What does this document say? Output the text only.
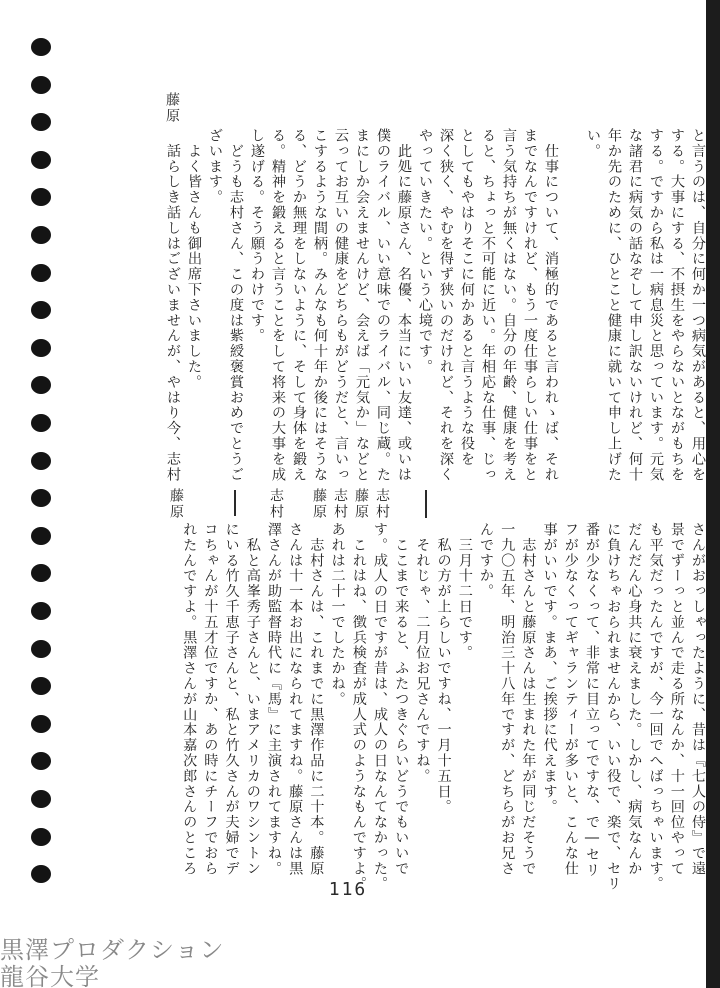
藤原
と言うのは、自分に何か一つ病気があると、用心を
する。大事にする、不摂生をやらないとながもちを
する。ですから私は一病息災と思っています。元気
な諸君に病気の話なぞして申し訳ないけれど、何十
年か先のために、ひとこと健康に就いて申し上げた
い。
　仕事について、消極的であると言われゝば、それ
までなんですけれど、もう一度仕事らしい仕事をと
言う気持ちが無くはない。自分の年齢、健康を考え
ると、ちょっと不可能に近い。年相応な仕事、じっ
としてもやはりそこに何かあると言うような役を
深く狭く、やむを得ず狭いのだけれど、それを深く
やっていきたい。という心境です。
　此処に藤原さん、名優、本当にいい友達、或いは
僕のライバル、いい意味でのライバル、同じ蔵。た
まにしか会えませんけど、会えば「元気か」などと
云ってお互いの健康をどちらもがどうだと、言いっ
こするような間柄。みんなも何十年か後にはそうな
る、どうか無理をしないように、そして身体を鍛え
る。精神を鍛えると言うことをして将来の大事を成
し遂げる。そう願うわけです。
　どうも志村さん、この度は紫綬褒賞おめでとうご
ざいます。
　よく皆さんも御出席下さいました。
　話らしき話しはございませんが、やはり今、志村
志村
藤原
志村
藤原
志村
藤原
さんがおっしゃったように、昔は『七人の侍』で遠
景でずーっと並んで走る所なんか、十一回位やって
も平気だったんですが、今一回でへばっちゃいます。
だんだん心身共に衰えました。しかし、病気なんか
に負けちゃおられませんから、いい役で、楽で、セリ
番が少なくって、非常に目立ってですな、で―セリ
フが少なくってギャランティーが多いと、こんな仕
事がいいです。まあ、ご挨拶に代えます。
　志村さんと藤原さんは生まれた年が同じだそうで
一九〇五年、明治三十八年ですが、どちらがお兄さ
んですか。
　三月十二日です。
　私の方が上らしいですね、一月十五日。
　それじゃ、二月位お兄さんですね。
　ここまで来ると、ふたつきぐらいどうでもいいで
す。成人の日ですが昔は、成人の日なんてなかった。
　これはね、徴兵検査が成人式のようなもんですよ。
あれは二十一でしたかね。
　志村さんは、これまでに黒澤作品に二十本。藤原
さんは十一本お出になられてますね。藤原さんは黒
澤さんが助監督時代に『馬』に主演されてますね。
　私と高峯秀子さんと、いまアメリカのワシントン
にいる竹久千恵子さんと、私と竹久さんが夫婦でデ
コちゃんが十五才位ですか、あの時にチーフでおら
れたんですよ。黒澤さんが山本嘉次郎さんのところ
116
黒澤プロダクション
龍谷大学
